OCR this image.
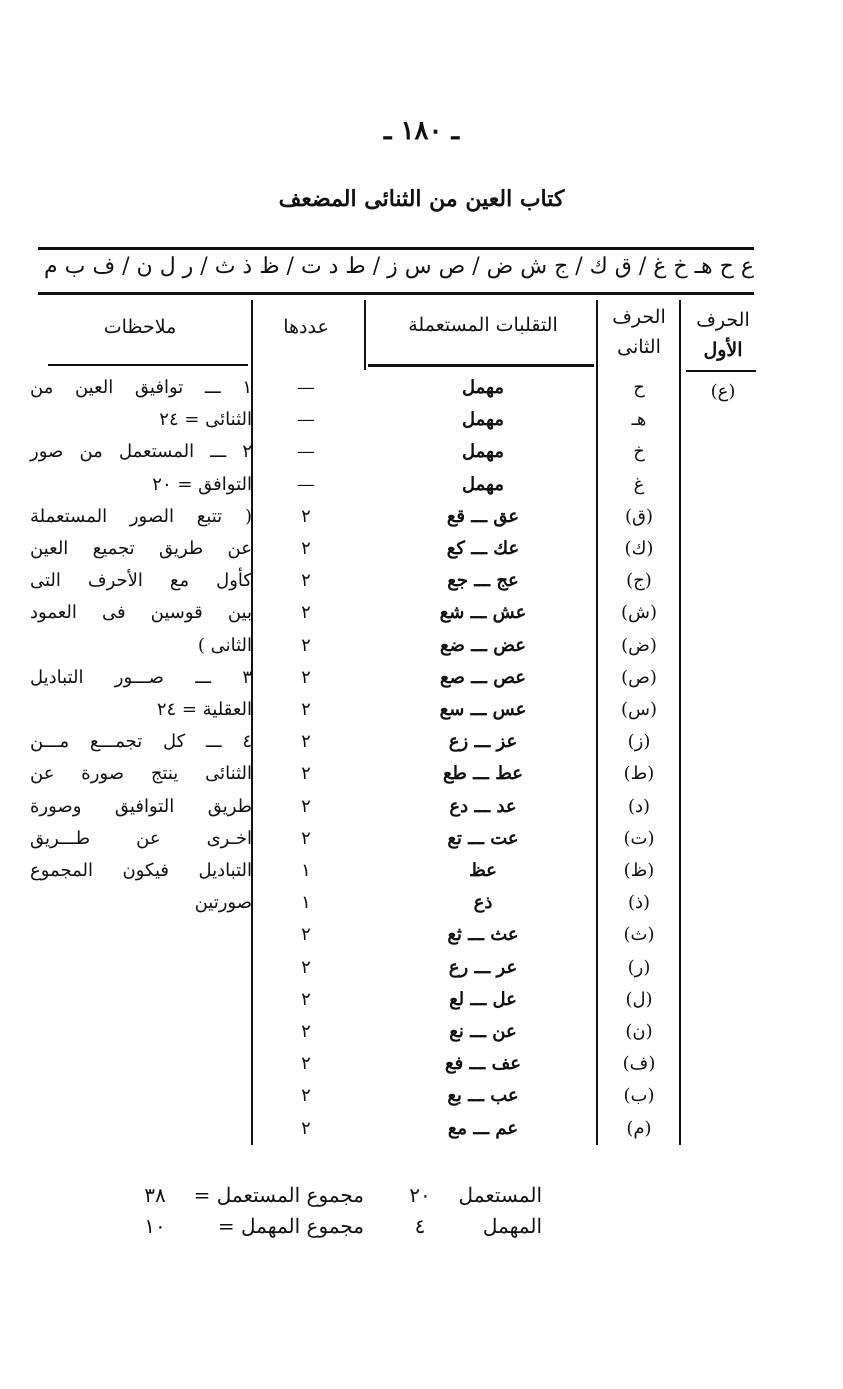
ـ ١٨٠ ـ
كتاب العين من الثنائى المضعف
ع ح هـ خ غ / ق ك / ج ش ض / ص س ز / ط د ت / ظ ذ ث / ر ل ن / ف ب م
الحرف
الأول
الحرف
الثانى
التقلبات المستعملة
عددها
ملاحظات
(ع)
ح
مهمل
—
هـ
مهمل
—
خ
مهمل
—
غ
مهمل
—
(ق)
عق ـــ قع
٢
(ك)
عك ـــ كع
٢
(ج)
عج ـــ جع
٢
(ش)
عش ـــ شع
٢
(ض)
عض ـــ ضع
٢
(ص)
عص ـــ صع
٢
(س)
عس ـــ سع
٢
(ز)
عز ـــ زع
٢
(ط)
عط ـــ طع
٢
(د)
عد ـــ دع
٢
(ت)
عت ـــ تع
٢
(ظ)
عظ
١
(ذ)
ذع
١
(ث)
عث ـــ ثع
٢
(ر)
عر ـــ رع
٢
(ل)
عل ـــ لع
٢
(ن)
عن ـــ نع
٢
(ف)
عف ـــ فع
٢
(ب)
عب ـــ بع
٢
(م)
عم ـــ مع
٢
١ ـــ توافيق العين من
الثنائى = ٢٤
٢ ـــ المستعمل من صور
التوافق = ٢٠
( تتبع الصور المستعملة
عن طريق تجميع العين
كأول مع الأحرف التى
بين قوسين فى العمود
الثانى )
٣ ـــ صـــور التباديل
العقلية = ٢٤
٤ ـــ كل تجمـــع مـــن
الثنائى ينتج صورة عن
طريق التوافيق وصورة
اخـرى عن طـــريق
التباديل فيكون المجموع
صورتين
المستعمل
٢٠
مجموع المستعمل =
٣٨
المهمل
٤
مجموع المهمل =
١٠
